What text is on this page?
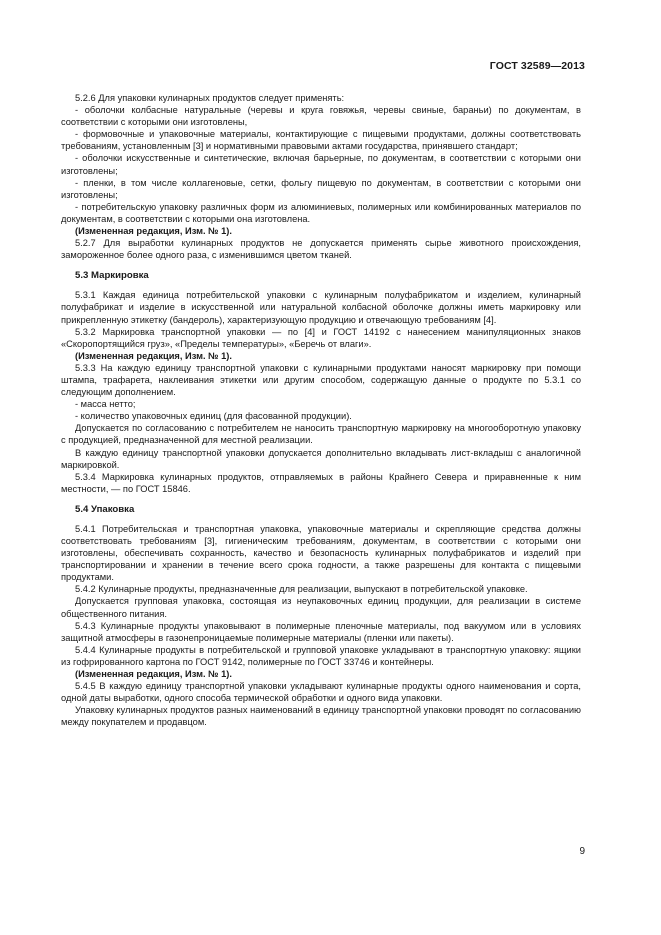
ГОСТ 32589—2013

5.2.6 Для упаковки кулинарных продуктов следует применять:

- оболочки колбасные натуральные (черевы и круга говяжья, черевы свиные, бараньи) по документам, в соответствии с которыми они изготовлены,

- формовочные и упаковочные материалы, контактирующие с пищевыми продуктами, должны соответствовать требованиям, установленным [3] и нормативными правовыми актами государства, принявшего стандарт;

- оболочки искусственные и синтетические, включая барьерные, по документам, в соответствии с которыми они изготовлены;

- пленки, в том числе коллагеновые, сетки, фольгу пищевую по документам, в соответствии с которыми они изготовлены;

- потребительскую упаковку различных форм из алюминиевых, полимерных или комбинированных материалов по документам, в соответствии с которыми она изготовлена.

(Измененная редакция, Изм. № 1).

5.2.7 Для выработки кулинарных продуктов не допускается применять сырье животного происхождения, замороженное более одного раза, с изменившимся цветом тканей.

5.3 Маркировка

5.3.1 Каждая единица потребительской упаковки с кулинарным полуфабрикатом и изделием, кулинарный полуфабрикат и изделие в искусственной или натуральной колбасной оболочке должны иметь маркировку или прикрепленную этикетку (бандероль), характеризующую продукцию и отвечающую требованиям [4].

5.3.2 Маркировка транспортной упаковки — по [4] и ГОСТ 14192 с нанесением манипуляционных знаков «Скоропортящийся груз», «Пределы температуры», «Беречь от влаги».

(Измененная редакция, Изм. № 1).

5.3.3 На каждую единицу транспортной упаковки с кулинарными продуктами наносят маркировку при помощи штампа, трафарета, наклеивания этикетки или другим способом, содержащую данные о продукте по 5.3.1 со следующим дополнением.

- масса нетто;

- количество упаковочных единиц (для фасованной продукции).

Допускается по согласованию с потребителем не наносить транспортную маркировку на многооборотную упаковку с продукцией, предназначенной для местной реализации.

В каждую единицу транспортной упаковки допускается дополнительно вкладывать лист-вкладыш с аналогичной маркировкой.

5.3.4 Маркировка кулинарных продуктов, отправляемых в районы Крайнего Севера и приравненные к ним местности, — по ГОСТ 15846.

5.4 Упаковка

5.4.1 Потребительская и транспортная упаковка, упаковочные материалы и скрепляющие средства должны соответствовать требованиям [3], гигиеническим требованиям, документам, в соответствии с которыми они изготовлены, обеспечивать сохранность, качество и безопасность кулинарных полуфабрикатов и изделий при транспортировании и хранении в течение всего срока годности, а также разрешены для контакта с пищевыми продуктами.

5.4.2 Кулинарные продукты, предназначенные для реализации, выпускают в потребительской упаковке.

Допускается групповая упаковка, состоящая из неупаковочных единиц продукции, для реализации в системе общественного питания.

5.4.3 Кулинарные продукты упаковывают в полимерные пленочные материалы, под вакуумом или в условиях защитной атмосферы в газонепроницаемые полимерные материалы (пленки или пакеты).

5.4.4 Кулинарные продукты в потребительской и групповой упаковке укладывают в транспортную упаковку: ящики из гофрированного картона по ГОСТ 9142, полимерные по ГОСТ 33746 и контейнеры.

(Измененная редакция, Изм. № 1).

5.4.5 В каждую единицу транспортной упаковки укладывают кулинарные продукты одного наименования и сорта, одной даты выработки, одного способа термической обработки и одного вида упаковки.

Упаковку кулинарных продуктов разных наименований в единицу транспортной упаковки проводят по согласованию между покупателем и продавцом.

9
